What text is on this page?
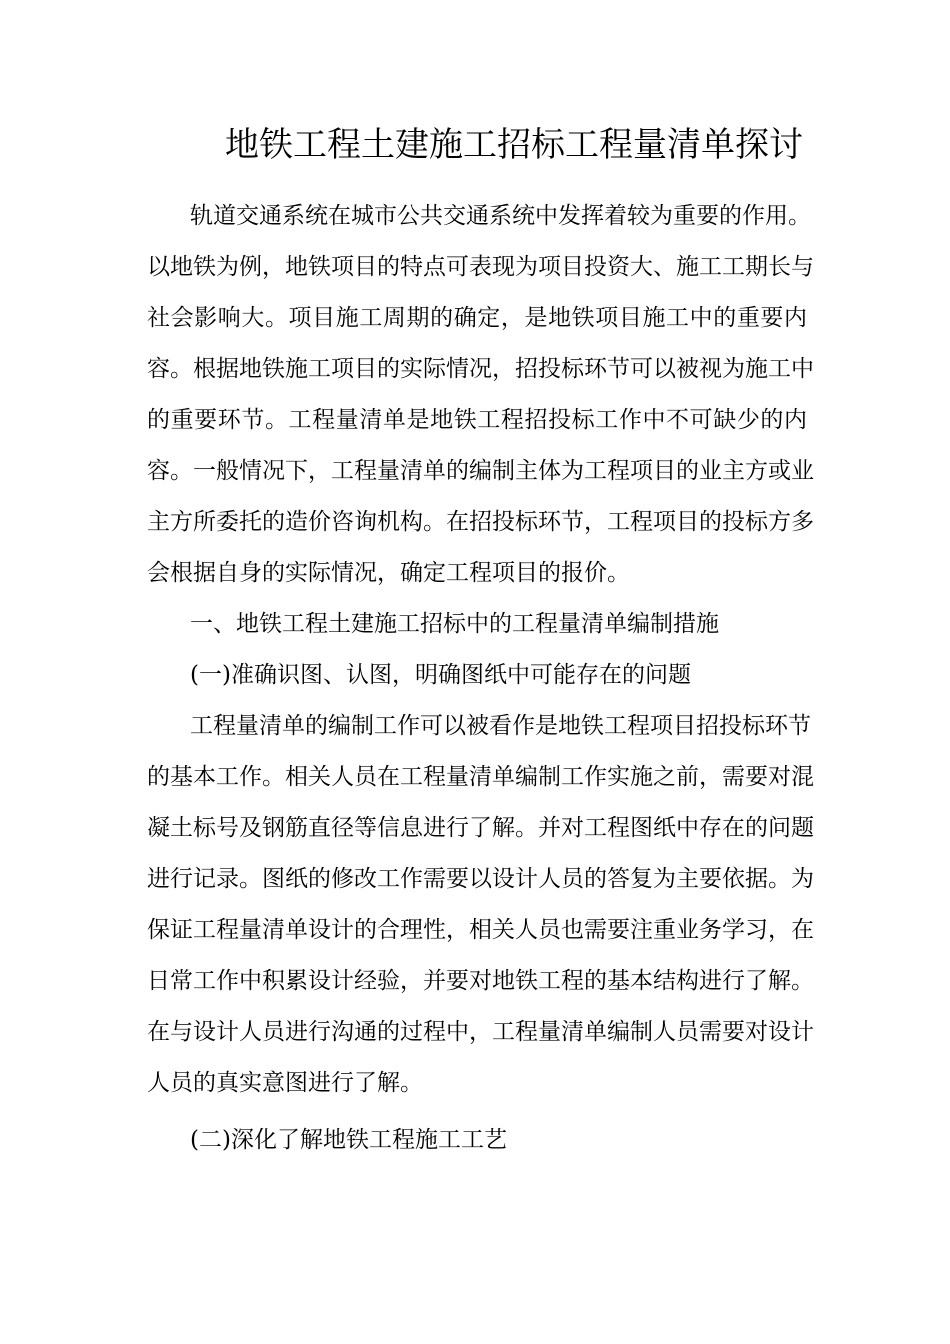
地铁工程土建施工招标工程量清单探讨
轨道交通系统在城市公共交通系统中发挥着较为重要的作用。
以地铁为例，地铁项目的特点可表现为项目投资大、施工工期长与
社会影响大。项目施工周期的确定，是地铁项目施工中的重要内
容。根据地铁施工项目的实际情况，招投标环节可以被视为施工中
的重要环节。工程量清单是地铁工程招投标工作中不可缺少的内
容。一般情况下，工程量清单的编制主体为工程项目的业主方或业
主方所委托的造价咨询机构。在招投标环节，工程项目的投标方多
会根据自身的实际情况，确定工程项目的报价。
一、地铁工程土建施工招标中的工程量清单编制措施
(一)准确识图、认图，明确图纸中可能存在的问题
工程量清单的编制工作可以被看作是地铁工程项目招投标环节
的基本工作。相关人员在工程量清单编制工作实施之前，需要对混
凝土标号及钢筋直径等信息进行了解。并对工程图纸中存在的问题
进行记录。图纸的修改工作需要以设计人员的答复为主要依据。为
保证工程量清单设计的合理性，相关人员也需要注重业务学习，在
日常工作中积累设计经验，并要对地铁工程的基本结构进行了解。
在与设计人员进行沟通的过程中，工程量清单编制人员需要对设计
人员的真实意图进行了解。
(二)深化了解地铁工程施工工艺
